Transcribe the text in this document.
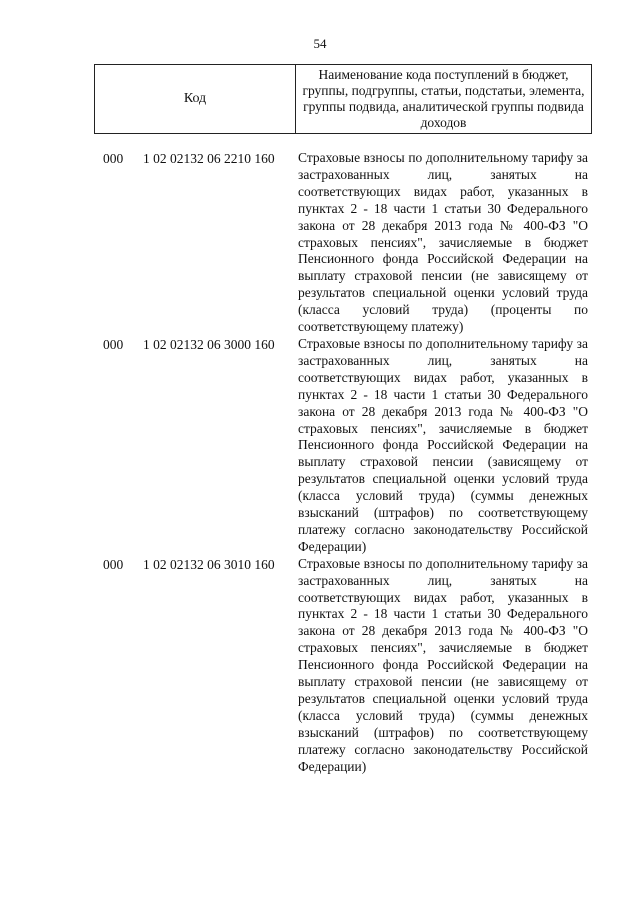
54
Код
Наименование кода поступлений в бюджет, группы, подгруппы, статьи, подстатьи, элемента, группы подвида, аналитической группы подвида доходов
000 1 02 02132 06 2210 160 Страховые взносы по дополнительному тарифу за застрахованных лиц, занятых на соответствующих видах работ, указанных в пунктах 2 - 18 части 1 статьи 30 Федерального закона от 28 декабря 2013 года № 400-ФЗ "О страховых пенсиях", зачисляемые в бюджет Пенсионного фонда Российской Федерации на выплату страховой пенсии (не зависящему от результатов специальной оценки условий труда (класса условий труда) (проценты по соответствующему платежу)
000 1 02 02132 06 3000 160 Страховые взносы по дополнительному тарифу за застрахованных лиц, занятых на соответствующих видах работ, указанных в пунктах 2 - 18 части 1 статьи 30 Федерального закона от 28 декабря 2013 года № 400-ФЗ "О страховых пенсиях", зачисляемые в бюджет Пенсионного фонда Российской Федерации на выплату страховой пенсии (зависящему от результатов специальной оценки условий труда (класса условий труда) (суммы денежных взысканий (штрафов) по соответствующему платежу согласно законодательству Российской Федерации)
000 1 02 02132 06 3010 160 Страховые взносы по дополнительному тарифу за застрахованных лиц, занятых на соответствующих видах работ, указанных в пунктах 2 - 18 части 1 статьи 30 Федерального закона от 28 декабря 2013 года № 400-ФЗ "О страховых пенсиях", зачисляемые в бюджет Пенсионного фонда Российской Федерации на выплату страховой пенсии (не зависящему от результатов специальной оценки условий труда (класса условий труда) (суммы денежных взысканий (штрафов) по соответствующему платежу согласно законодательству Российской Федерации)
